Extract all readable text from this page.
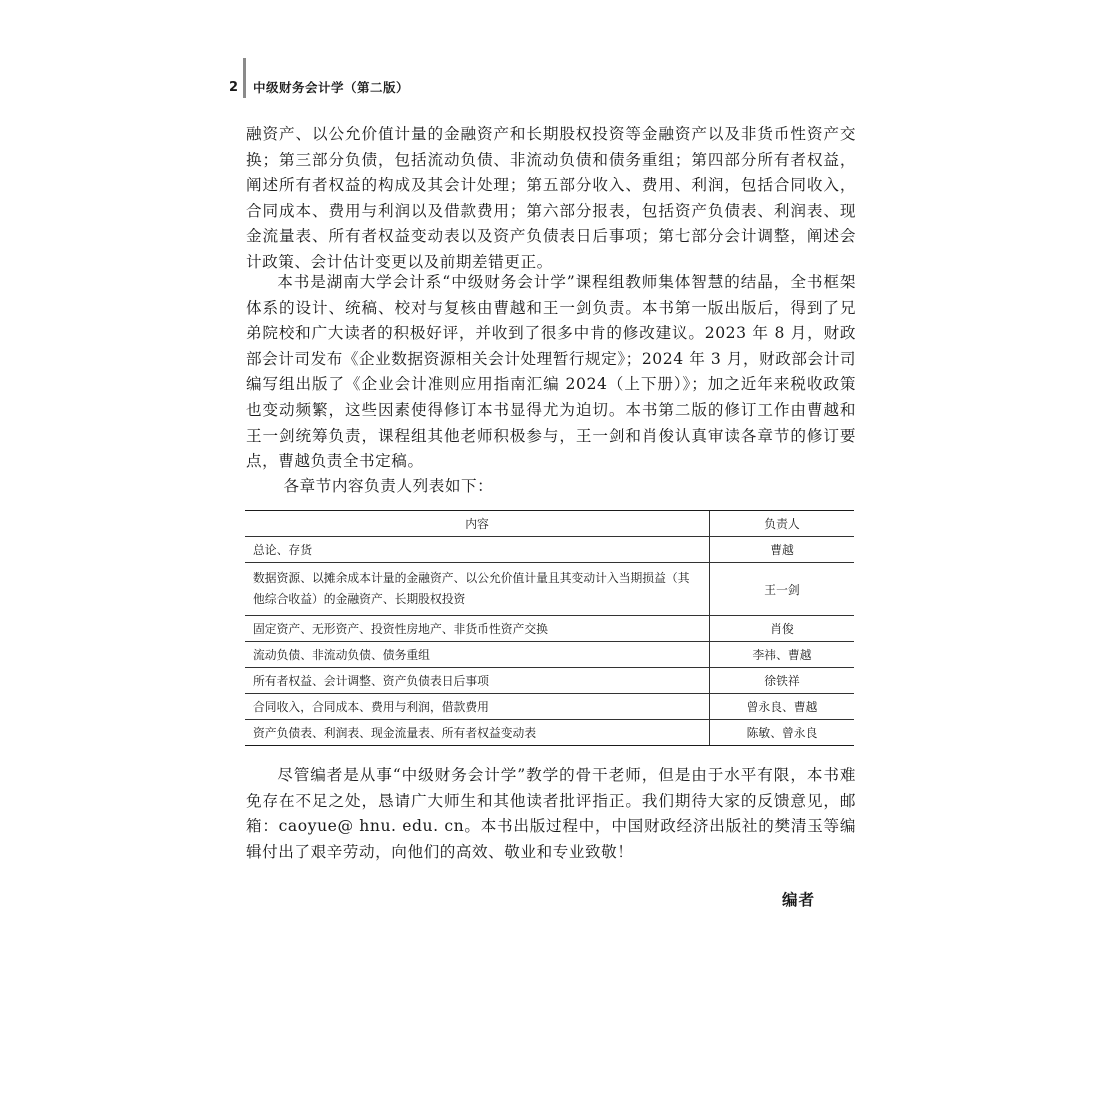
2	中级财务会计学（第二版）
融资产、以公允价值计量的金融资产和长期股权投资等金融资产以及非货币性资产交换；第三部分负债，包括流动负债、非流动负债和债务重组；第四部分所有者权益，阐述所有者权益的构成及其会计处理；第五部分收入、费用、利润，包括合同收入，合同成本、费用与利润以及借款费用；第六部分报表，包括资产负债表、利润表、现金流量表、所有者权益变动表以及资产负债表日后事项；第七部分会计调整，阐述会计政策、会计估计变更以及前期差错更正。
本书是湖南大学会计系“中级财务会计学”课程组教师集体智慧的结晶，全书框架体系的设计、统稿、校对与复核由曹越和王一剑负责。本书第一版出版后，得到了兄弟院校和广大读者的积极好评，并收到了很多中肯的修改建议。2023 年 8 月，财政部会计司发布《企业数据资源相关会计处理暂行规定》；2024 年 3 月，财政部会计司编写组出版了《企业会计准则应用指南汇编 2024（上下册）》；加之近年来税收政策也变动频繁，这些因素使得修订本书显得尤为迫切。本书第二版的修订工作由曹越和王一剑统筹负责，课程组其他老师积极参与，王一剑和肖俊认真审读各章节的修订要点，曹越负责全书定稿。
各章节内容负责人列表如下：
内容	负责人
总论、存货	曹越
数据资源、以摊余成本计量的金融资产、以公允价值计量且其变动计入当期损益（其他综合收益）的金融资产、长期股权投资	王一剑
固定资产、无形资产、投资性房地产、非货币性资产交换	肖俊
流动负债、非流动负债、债务重组	李祎、曹越
所有者权益、会计调整、资产负债表日后事项	徐铁祥
合同收入，合同成本、费用与利润，借款费用	曾永良、曹越
资产负债表、利润表、现金流量表、所有者权益变动表	陈敏、曾永良
尽管编者是从事“中级财务会计学”教学的骨干老师，但是由于水平有限，本书难免存在不足之处，恳请广大师生和其他读者批评指正。我们期待大家的反馈意见，邮箱：caoyue@ hnu. edu. cn。本书出版过程中，中国财政经济出版社的樊清玉等编辑付出了艰辛劳动，向他们的高效、敬业和专业致敬！
编者
